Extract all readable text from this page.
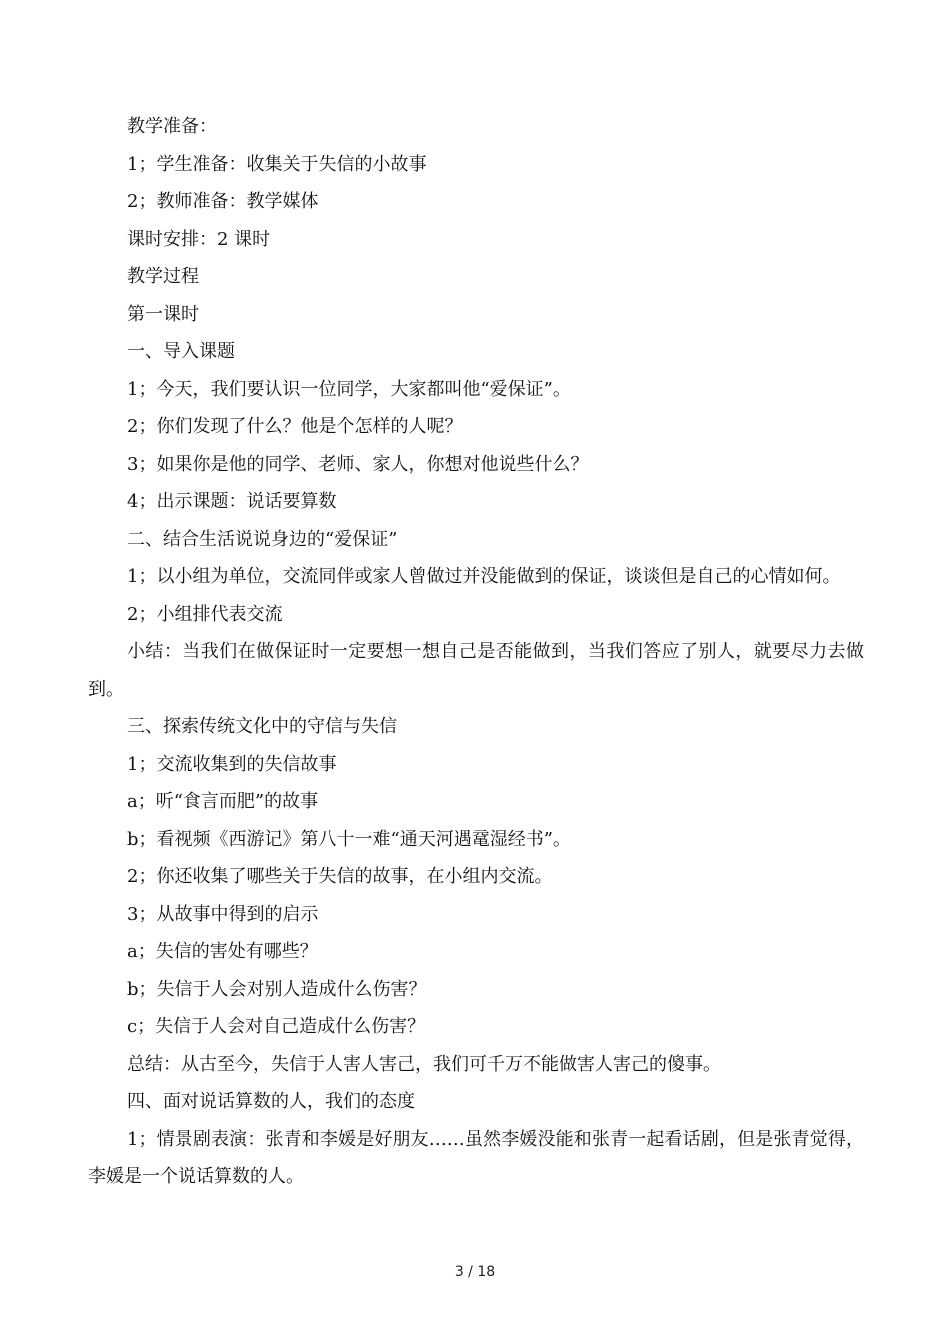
教学准备：

1；学生准备：收集关于失信的小故事

2；教师准备：教学媒体

课时安排：2 课时

教学过程

第一课时

一、导入课题

1；今天，我们要认识一位同学，大家都叫他“爱保证”。

2；你们发现了什么？他是个怎样的人呢？

3；如果你是他的同学、老师、家人，你想对他说些什么？

4；出示课题：说话要算数

二、结合生活说说身边的“爱保证”

1；以小组为单位，交流同伴或家人曾做过并没能做到的保证，谈谈但是自己的心情如何。

2；小组排代表交流

小结：当我们在做保证时一定要想一想自己是否能做到，当我们答应了别人，就要尽力去做到。

三、探索传统文化中的守信与失信

1；交流收集到的失信故事

a；听“食言而肥”的故事

b；看视频《西游记》第八十一难“通天河遇鼋湿经书”。

2；你还收集了哪些关于失信的故事，在小组内交流。

3；从故事中得到的启示

a；失信的害处有哪些？

b；失信于人会对别人造成什么伤害？

c；失信于人会对自己造成什么伤害？

总结：从古至今，失信于人害人害己，我们可千万不能做害人害己的傻事。

四、面对说话算数的人，我们的态度

1；情景剧表演：张青和李媛是好朋友……虽然李媛没能和张青一起看话剧，但是张青觉得，李媛是一个说话算数的人。

3 / 18
